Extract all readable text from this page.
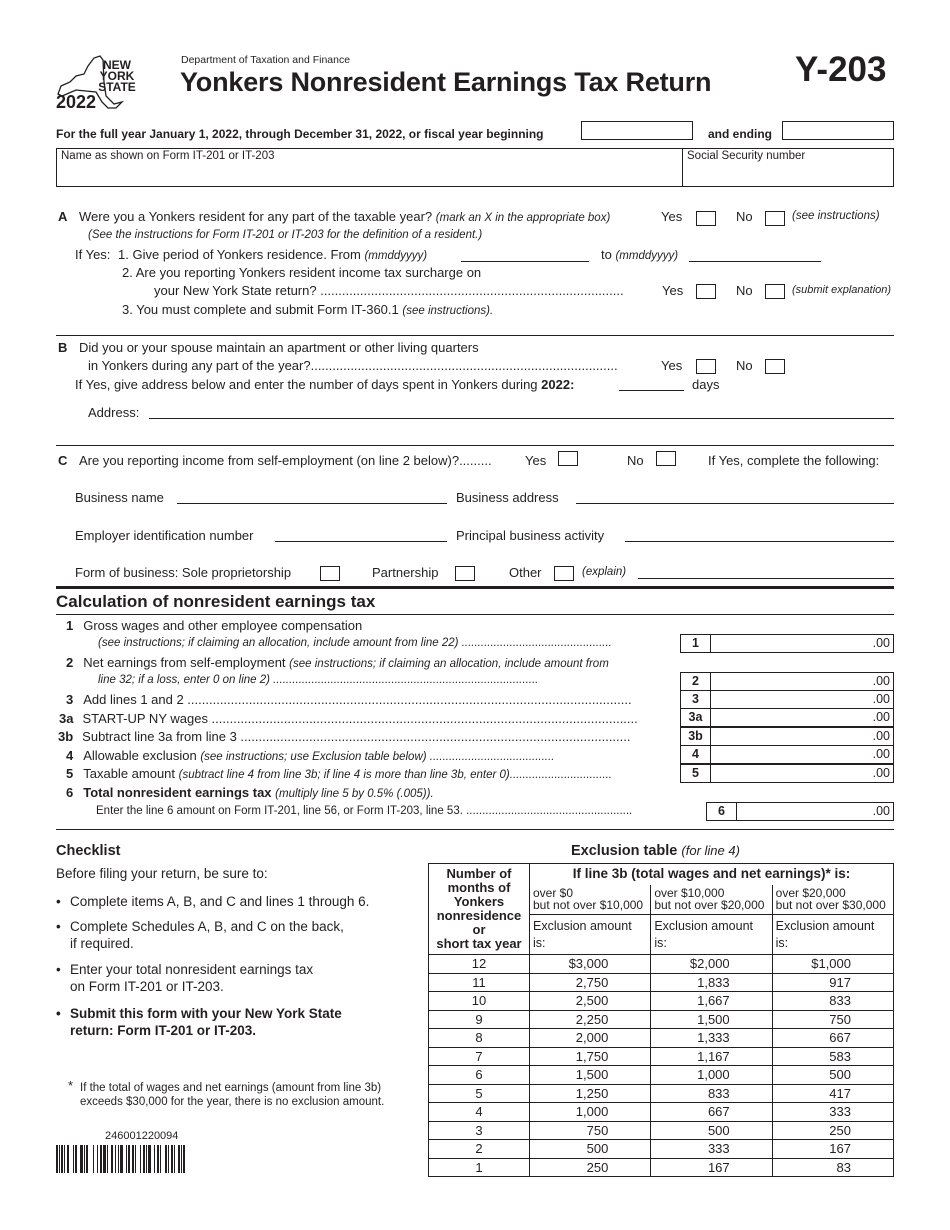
NEW
YORK
STATE
2022
Department of Taxation and Finance
Yonkers Nonresident Earnings Tax Return Y-203
For the full year January 1, 2022, through December 31, 2022, or fiscal year beginning	and ending
Name as shown on Form IT-201 or IT-203	Social Security number
A Were you a Yonkers resident for any part of the taxable year? (mark an X in the appropriate box)	Yes	No	(see instructions)
(See the instructions for Form IT-201 or IT-203 for the definition of a resident.)
If Yes: 1. Give period of Yonkers residence. From (mmddyyyy)	to (mmddyyyy)
2. Are you reporting Yonkers resident income tax surcharge on
your New York State return? ....................................................................................	Yes	No	(submit explanation)
3. You must complete and submit Form IT-360.1 (see instructions).
B Did you or your spouse maintain an apartment or other living quarters
in Yonkers during any part of the year?.....................................................................................	Yes	No
If Yes, give address below and enter the number of days spent in Yonkers during 2022:	days
Address:
C Are you reporting income from self-employment (on line 2 below)?.........	Yes	No	If Yes, complete the following:
Business name	Business address
Employer identification number	Principal business activity
Form of business: Sole proprietorship	Partnership	Other	(explain)
Calculation of nonresident earnings tax
1 Gross wages and other employee compensation
(see instructions; if claiming an allocation, include amount from line 22) ...............................................	1	.00
2 Net earnings from self-employment (see instructions; if claiming an allocation, include amount from
line 32; if a loss, enter 0 on line 2) ...................................................................................	2	.00
3 Add lines 1 and 2 ...........................................................................................................................	3	.00
3a START-UP NY wages ......................................................................................................................	3a	.00
3b Subtract line 3a from line 3 ............................................................................................................	3b	.00
4 Allowable exclusion (see instructions; use Exclusion table below) .......................................	4	.00
5 Taxable amount (subtract line 4 from line 3b; if line 4 is more than line 3b, enter 0)................................	5	.00
6 Total nonresident earnings tax (multiply line 5 by 0.5% (.005)).
Enter the line 6 amount on Form IT-201, line 56, or Form IT-203, line 53. ....................................................	6	.00
Checklist
Before filing your return, be sure to:
• Complete items A, B, and C and lines 1 through 6.
• Complete Schedules A, B, and C on the back,
if required.
• Enter your total nonresident earnings tax
on Form IT-201 or IT-203.
• Submit this form with your New York State
return: Form IT-201 or IT-203.
* If the total of wages and net earnings (amount from line 3b)
exceeds $30,000 for the year, there is no exclusion amount.
246001220094
Exclusion table (for line 4)
Number of
months of
Yonkers
nonresidence or
short tax year	If line 3b (total wages and net earnings)* is:		

over $0
but not over $10,000

over $10,000
but not over $20,000

over $20,000
but not over $30,000

	Exclusion amount is:	Exclusion amount is:	Exclusion amount is:
12	$3,000	$2,000	$1,000
11	2,750	1,833	917
10	2,500	1,667	833
9	2,250	1,500	750
8	2,000	1,333	667
7	1,750	1,167	583
6	1,500	1,000	500
5	1,250	833	417
4	1,000	667	333
3	750	500	250
2	500	333	167
1	250	167	83
